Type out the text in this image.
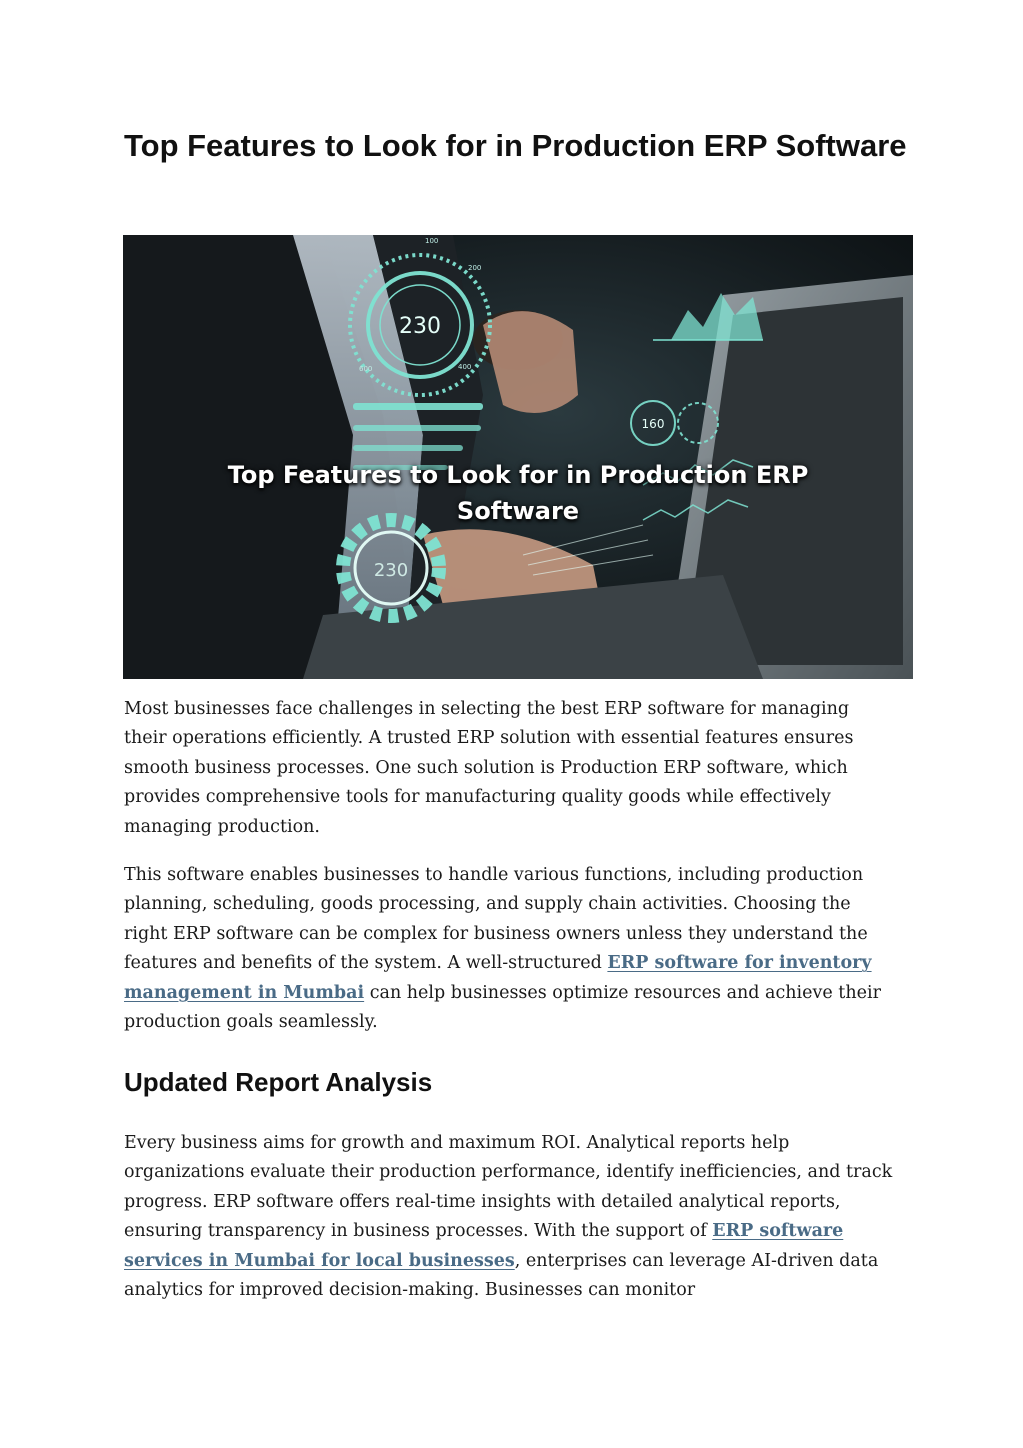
Top Features to Look for in Production ERP Software
230
100
200
400
600
160
230
Top Features to Look for in Production ERP
Software

Most businesses face challenges in selecting the best ERP software for managing their operations efficiently. A trusted ERP solution with essential features ensures smooth business processes. One such solution is Production ERP software, which provides comprehensive tools for manufacturing quality goods while effectively managing production.

This software enables businesses to handle various functions, including production planning, scheduling, goods processing, and supply chain activities. Choosing the right ERP software can be complex for business owners unless they understand the features and benefits of the system. A well-structured ERP software for inventory management in Mumbai can help businesses optimize resources and achieve their production goals seamlessly.

Updated Report Analysis

Every business aims for growth and maximum ROI. Analytical reports help organizations evaluate their production performance, identify inefficiencies, and track progress. ERP software offers real-time insights with detailed analytical reports, ensuring transparency in business processes. With the support of ERP software services in Mumbai for local businesses, enterprises can leverage AI-driven data analytics for improved decision-making. Businesses can monitor
